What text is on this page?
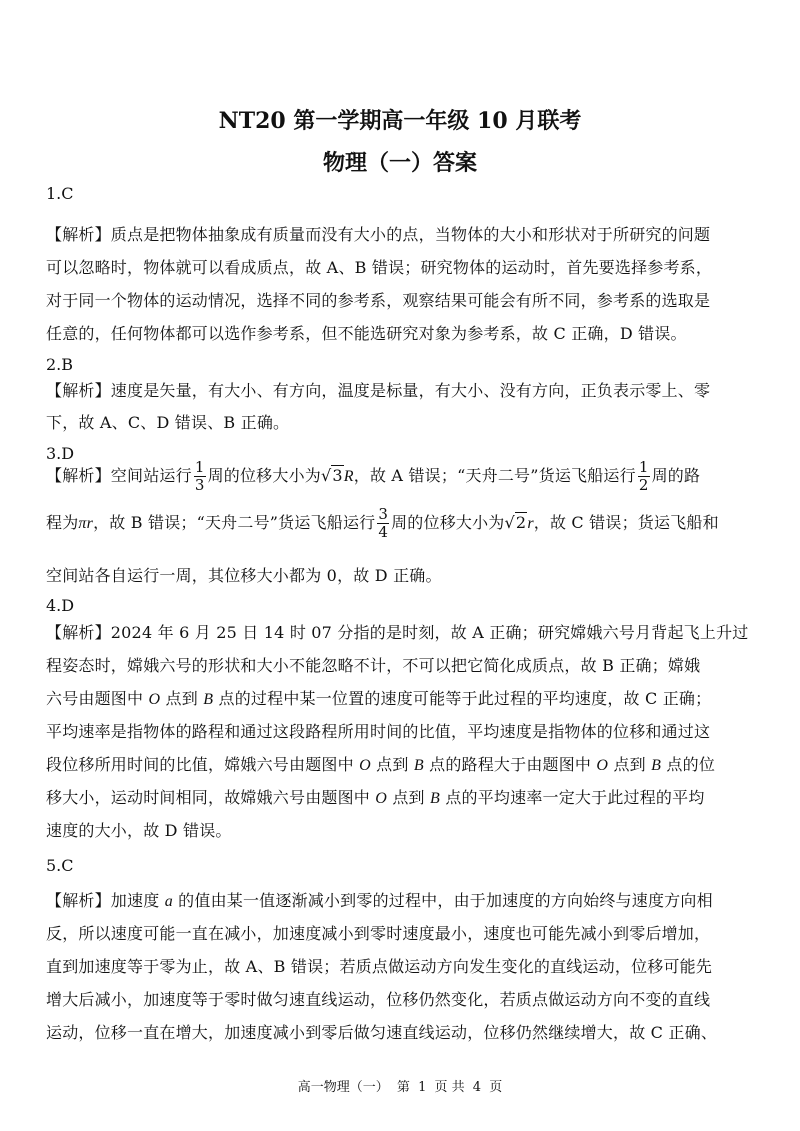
NT20 第一学期高一年级 10 月联考
物理（一）答案
1.C
【解析】质点是把物体抽象成有质量而没有大小的点，当物体的大小和形状对于所研究的问题
可以忽略时，物体就可以看成质点，故 A、B 错误；研究物体的运动时，首先要选择参考系，
对于同一个物体的运动情况，选择不同的参考系，观察结果可能会有所不同，参考系的选取是
任意的，任何物体都可以选作参考系，但不能选研究对象为参考系，故 C 正确，D 错误。
2.B
【解析】速度是矢量，有大小、有方向，温度是标量，有大小、没有方向，正负表示零上、零
下，故 A、C、D 错误、B 正确。
3.D
【解析】空间站运行 $\frac{1}{3}$ 周的位移大小为√3R，故 A 错误；“天舟二号”货运飞船运行 $\frac{1}{2}$ 周的路
程为πr，故 B 错误；“天舟二号”货运飞船运行 $\frac{3}{4}$ 周的位移大小为√2r，故 C 错误；货运飞船和
空间站各自运行一周，其位移大小都为 0，故 D 正确。
4.D
【解析】2024 年 6 月 25 日 14 时 07 分指的是时刻，故 A 正确；研究嫦娥六号月背起飞上升过
程姿态时，嫦娥六号的形状和大小不能忽略不计，不可以把它简化成质点，故 B 正确；嫦娥
六号由题图中 O 点到 B 点的过程中某一位置的速度可能等于此过程的平均速度，故 C 正确；
平均速率是指物体的路程和通过这段路程所用时间的比值，平均速度是指物体的位移和通过这
段位移所用时间的比值，嫦娥六号由题图中 O 点到 B 点的路程大于由题图中 O 点到 B 点的位
移大小，运动时间相同，故嫦娥六号由题图中 O 点到 B 点的平均速率一定大于此过程的平均
速度的大小，故 D 错误。
5.C
【解析】加速度 a 的值由某一值逐渐减小到零的过程中，由于加速度的方向始终与速度方向相
反，所以速度可能一直在减小，加速度减小到零时速度最小，速度也可能先减小到零后增加，
直到加速度等于零为止，故 A、B 错误；若质点做运动方向发生变化的直线运动，位移可能先
增大后减小，加速度等于零时做匀速直线运动，位移仍然变化，若质点做运动方向不变的直线
运动，位移一直在增大，加速度减小到零后做匀速直线运动，位移仍然继续增大，故 C 正确、
高一物理（一） 第 1 页 共 4 页
